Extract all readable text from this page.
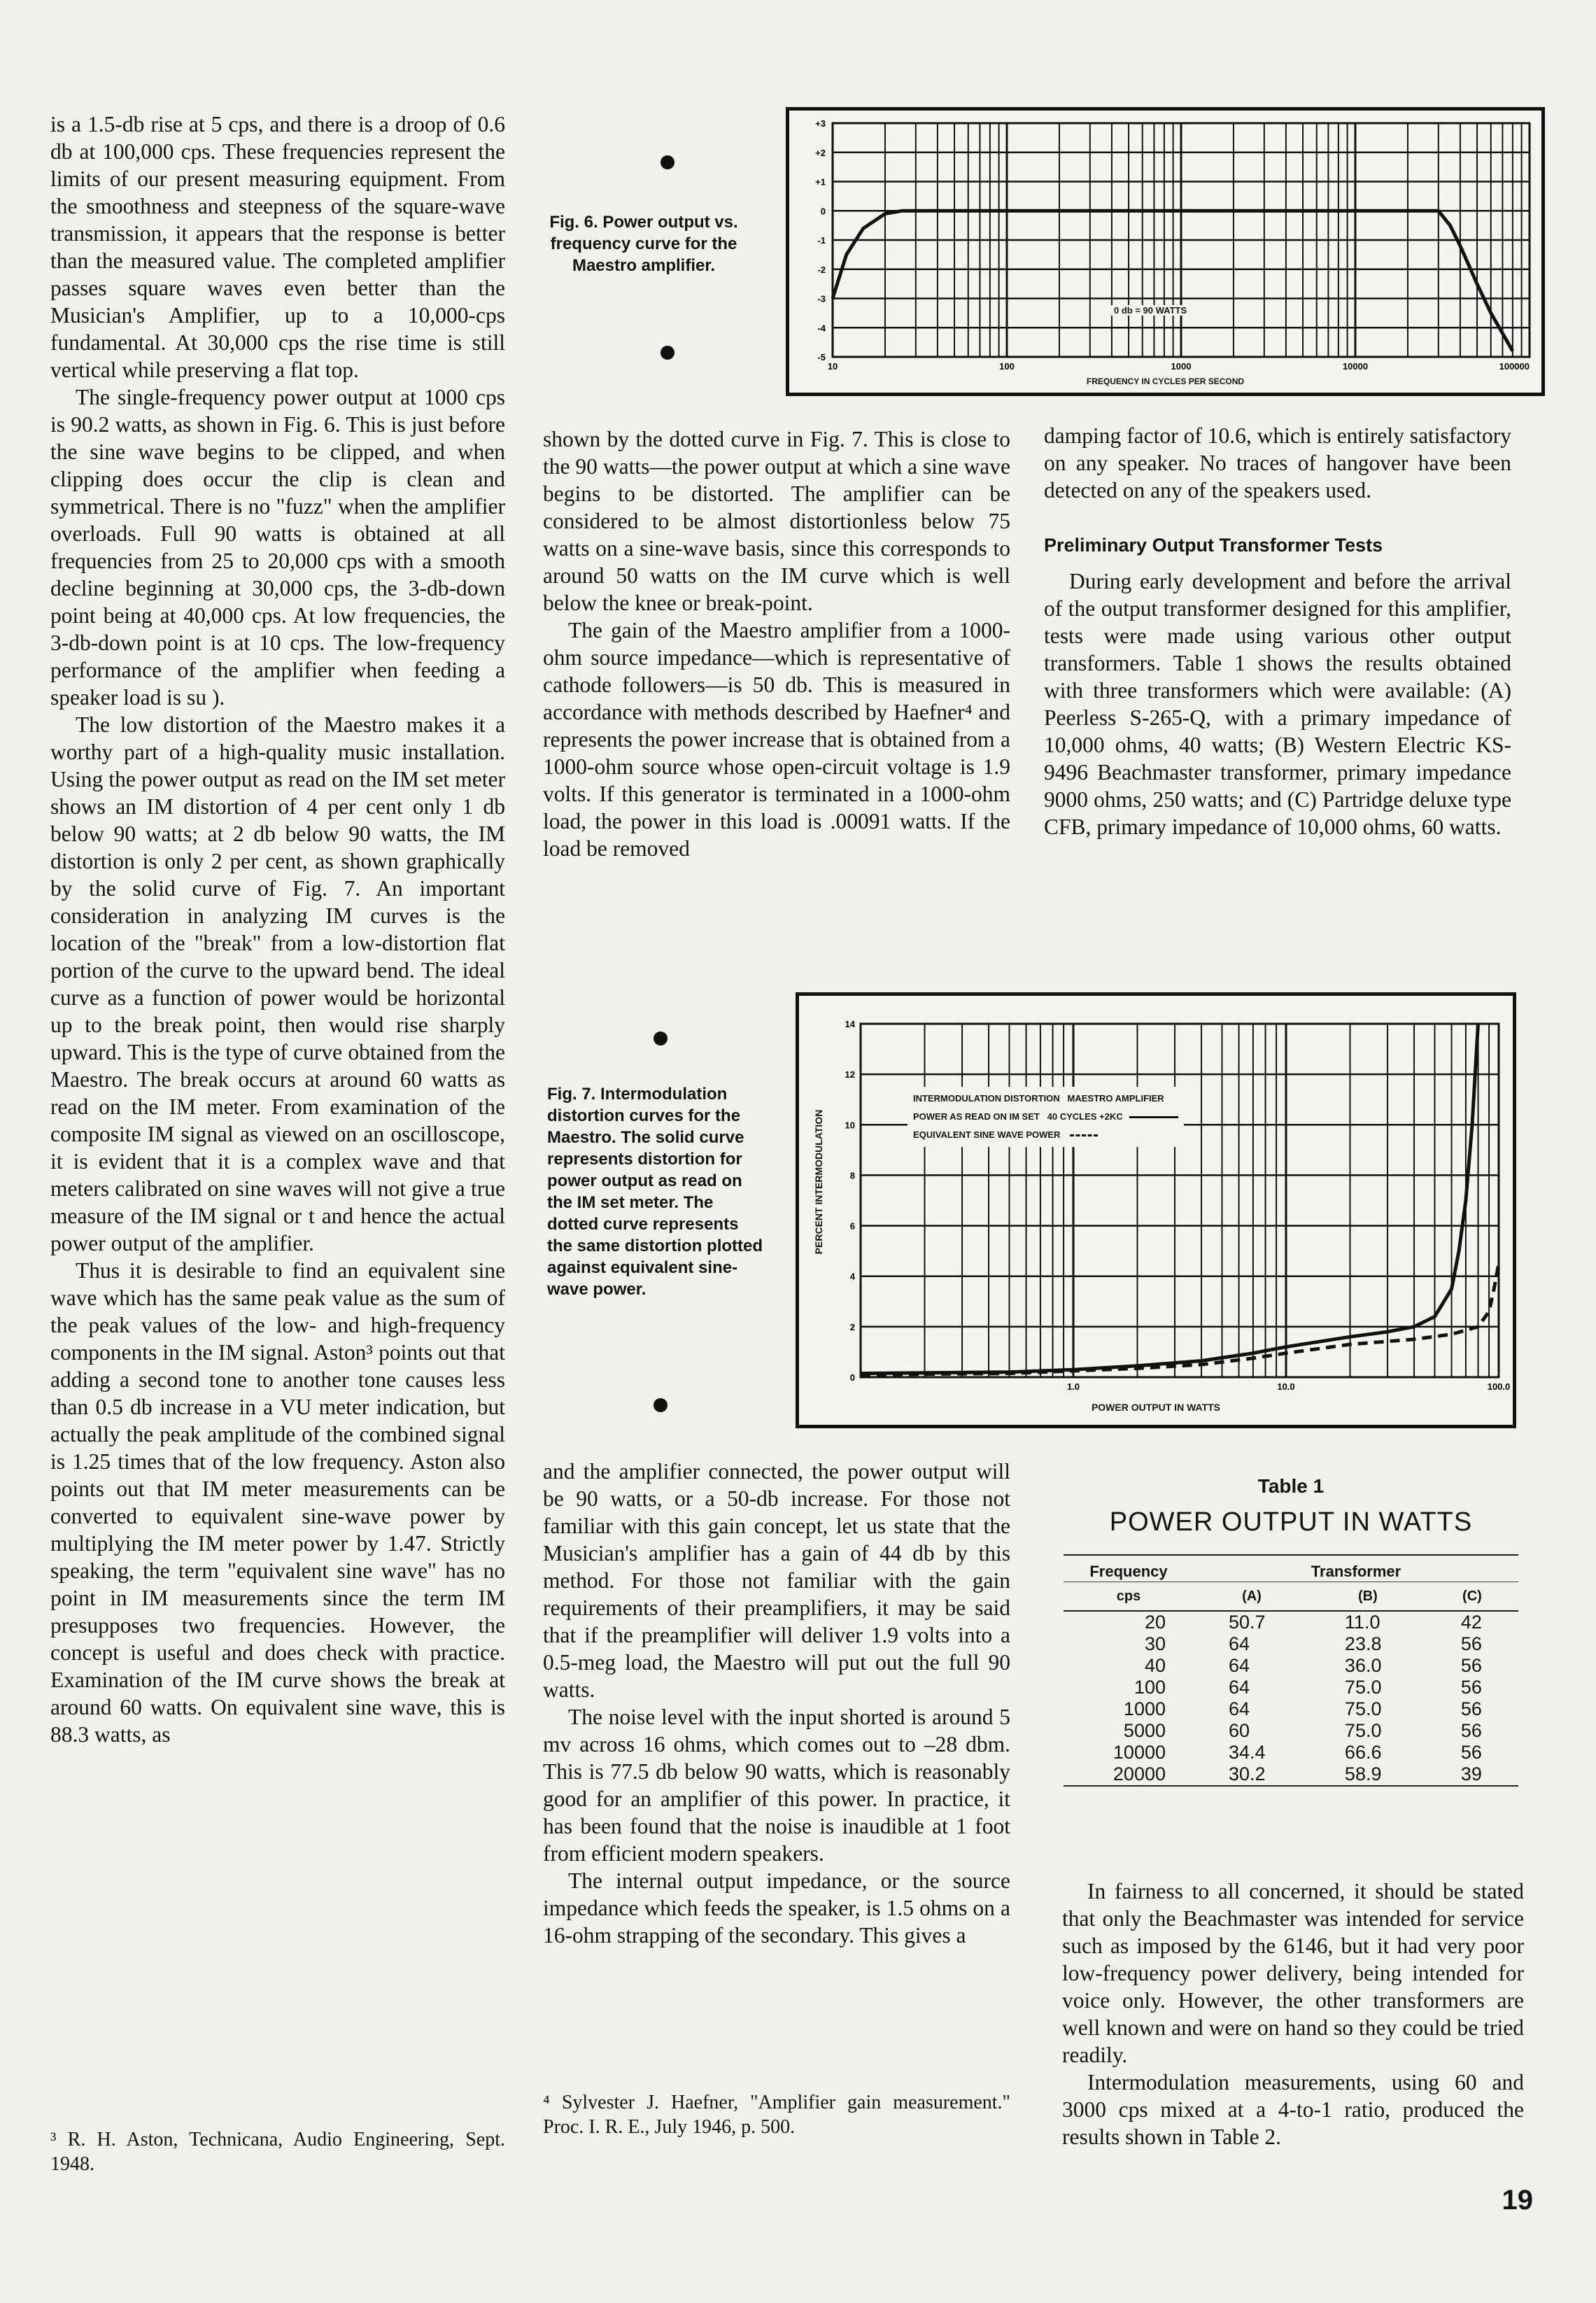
is a 1.5-db rise at 5 cps, and there is a droop of 0.6 db at 100,000 cps. These frequencies represent the limits of our present measuring equipment. From the smoothness and steepness of the square-wave transmission, it appears that the response is better than the measured value. The completed amplifier passes square waves even better than the Musician's Amplifier, up to a 10,000-cps fundamental. At 30,000 cps the rise time is still vertical while preserving a flat top.

The single-frequency power output at 1000 cps is 90.2 watts, as shown in Fig. 6. This is just before the sine wave begins to be clipped, and when clipping does occur the clip is clean and symmetrical. There is no "fuzz" when the amplifier overloads. Full 90 watts is obtained at all frequencies from 25 to 20,000 cps with a smooth decline beginning at 30,000 cps, the 3-db-down point being at 40,000 cps. At low frequencies, the 3-db-down point is at 10 cps. The low-frequency performance of the amplifier when feeding a speaker load is su ).

The low distortion of the Maestro makes it a worthy part of a high-quality music installation. Using the power output as read on the IM set meter shows an IM distortion of 4 per cent only 1 db below 90 watts; at 2 db below 90 watts, the IM distortion is only 2 per cent, as shown graphically by the solid curve of Fig. 7. An important consideration in analyzing IM curves is the location of the "break" from a low-distortion flat portion of the curve to the upward bend. The ideal curve as a function of power would be horizontal up to the break point, then would rise sharply upward. This is the type of curve obtained from the Maestro. The break occurs at around 60 watts as read on the IM meter. From examination of the composite IM signal as viewed on an oscilloscope, it is evident that it is a complex wave and that meters calibrated on sine waves will not give a true measure of the IM signal or t and hence the actual power output of the amplifier.

Thus it is desirable to find an equivalent sine wave which has the same peak value as the sum of the peak values of the low- and high-frequency components in the IM signal. Aston³ points out that adding a second tone to another tone causes less than 0.5 db increase in a VU meter indication, but actually the peak amplitude of the combined signal is 1.25 times that of the low frequency. Aston also points out that IM meter measurements can be converted to equivalent sine-wave power by multiplying the IM meter power by 1.47. Strictly speaking, the term "equivalent sine wave" has no point in IM measurements since the term IM presupposes two frequencies. However, the concept is useful and does check with practice. Examination of the IM curve shows the break at around 60 watts. On equivalent sine wave, this is 88.3 watts, as

³ R. H. Aston, Technicana, Audio Engineering, Sept. 1948.

Fig. 6. Power output vs. frequency curve for the Maestro amplifier.
+3
+2
+1
0
-1
-2
-3
-4
-5
10	100	1000	10000	100000
0 db = 90 WATTS
FREQUENCY IN CYCLES PER SECOND

shown by the dotted curve in Fig. 7. This is close to the 90 watts—the power output at which a sine wave begins to be distorted. The amplifier can be considered to be almost distortionless below 75 watts on a sine-wave basis, since this corresponds to around 50 watts on the IM curve which is well below the knee or break-point.

The gain of the Maestro amplifier from a 1000-ohm source impedance—which is representative of cathode followers—is 50 db. This is measured in accordance with methods described by Haefner⁴ and represents the power increase that is obtained from a 1000-ohm source whose open-circuit voltage is 1.9 volts. If this generator is terminated in a 1000-ohm load, the power in this load is .00091 watts. If the load be removed

and the amplifier connected, the power output will be 90 watts, or a 50-db increase. For those not familiar with this gain concept, let us state that the Musician's amplifier has a gain of 44 db by this method. For those not familiar with the gain requirements of their preamplifiers, it may be said that if the preamplifier will deliver 1.9 volts into a 0.5-meg load, the Maestro will put out the full 90 watts.

The noise level with the input shorted is around 5 mv across 16 ohms, which comes out to –28 dbm. This is 77.5 db below 90 watts, which is reasonably good for an amplifier of this power. In practice, it has been found that the noise is inaudible at 1 foot from efficient modern speakers.

The internal output impedance, or the source impedance which feeds the speaker, is 1.5 ohms on a 16-ohm strapping of the secondary. This gives a

⁴ Sylvester J. Haefner, "Amplifier gain measurement." Proc. I. R. E., July 1946, p. 500.

damping factor of 10.6, which is entirely satisfactory on any speaker. No traces of hangover have been detected on any of the speakers used.

Preliminary Output Transformer Tests

During early development and before the arrival of the output transformer designed for this amplifier, tests were made using various other output transformers. Table 1 shows the results obtained with three transformers which were available: (A) Peerless S-265-Q, with a primary impedance of 10,000 ohms, 40 watts; (B) Western Electric KS-9496 Beachmaster transformer, primary impedance 9000 ohms, 250 watts; and (C) Partridge deluxe type CFB, primary impedance of 10,000 ohms, 60 watts.

In fairness to all concerned, it should be stated that only the Beachmaster was intended for service such as imposed by the 6146, but it had very poor low-frequency power delivery, being intended for voice only. However, the other transformers are well known and were on hand so they could be tried readily.

Intermodulation measurements, using 60 and 3000 cps mixed at a 4-to-1 ratio, produced the results shown in Table 2.

Fig. 7. Intermodulation distortion curves for the Maestro. The solid curve represents distortion for power output as read on the IM set meter. The dotted curve represents the same distortion plotted against equivalent sine-wave power.
0
2
4
6
8
10
12
14
1.0	10.0	100.0
PERCENT INTERMODULATION
POWER OUTPUT IN WATTS
INTERMODULATION DISTORTION   MAESTRO AMPLIFIER
POWER AS READ ON IM SET   40 CYCLES +2KC
EQUIVALENT SINE WAVE POWER
Table 1
POWER OUTPUT IN WATTS
Frequency	Transformer		
cps	(A)	(B)	(C)
20	50.7	11.0	42
30	64	23.8	56
40	64	36.0	56
100	64	75.0	56
1000	64	75.0	56
5000	60	75.0	56
10000	34.4	66.6	56
20000	30.2	58.9	39
19
